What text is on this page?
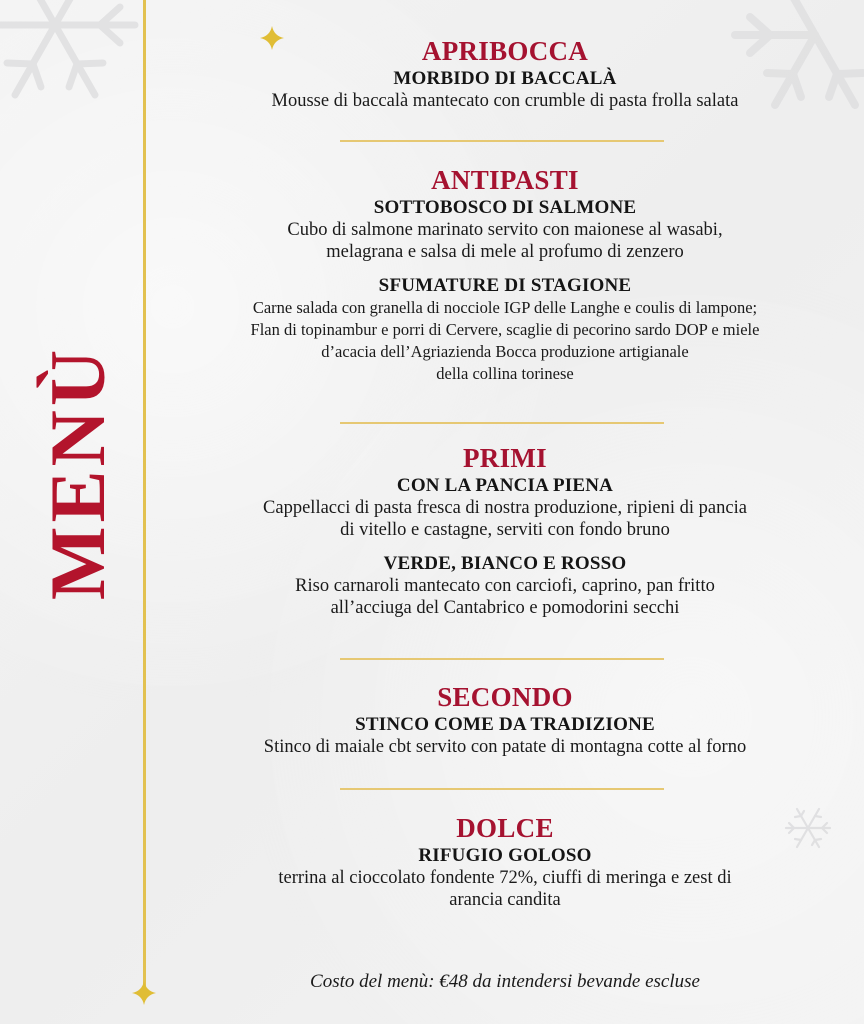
MENÙ
APRIBOCCA
MORBIDO DI BACCALÀ
Mousse di baccalà mantecato con crumble di pasta frolla salata
ANTIPASTI
SOTTOBOSCO DI SALMONE
Cubo di salmone marinato servito con maionese al wasabi,
melagrana e salsa di mele al profumo di zenzero
SFUMATURE DI STAGIONE
Carne salada con granella di nocciole IGP delle Langhe e coulis di lampone;
Flan di topinambur e porri di Cervere, scaglie di pecorino sardo DOP e miele
d’acacia dell’Agriazienda Bocca produzione artigianale
della collina torinese
PRIMI
CON LA PANCIA PIENA
Cappellacci di pasta fresca di nostra produzione, ripieni di pancia
di vitello e castagne, serviti con fondo bruno
VERDE, BIANCO E ROSSO
Riso carnaroli mantecato con carciofi, caprino, pan fritto
all’acciuga del Cantabrico e pomodorini secchi
SECONDO
STINCO COME DA TRADIZIONE
Stinco di maiale cbt servito con patate di montagna cotte al forno
DOLCE
RIFUGIO GOLOSO
terrina al cioccolato fondente 72%, ciuffi di meringa e zest di
arancia candita
Costo del menù: €48 da intendersi bevande escluse
